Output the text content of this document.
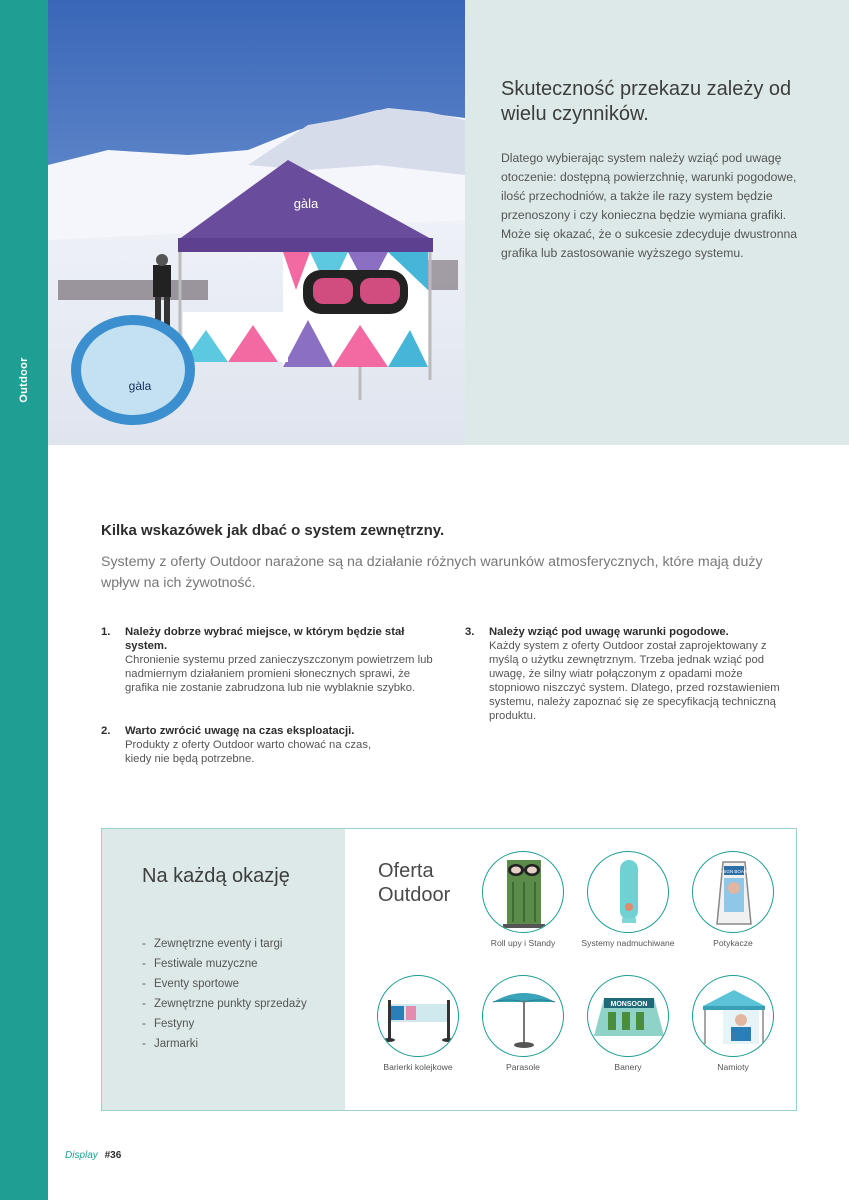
Outdoor
gàla
gàla
Skuteczność przekazu zależy od wielu czynników.

Dlatego wybierając system należy wziąć pod uwagę otoczenie: dostępną powierzchnię, warunki pogodowe, ilość przechodniów, a także ile razy system będzie przenoszony i czy konieczna będzie wymiana grafiki. Może się okazać, że o sukcesie zdecyduje dwustronna grafika lub zastosowanie wyższego systemu.

Kilka wskazówek jak dbać o system zewnętrzny.

Systemy z oferty Outdoor narażone są na działanie różnych warunków atmosferycznych, które mają duży wpływ na ich żywotność.

1. Należy dobrze wybrać miejsce, w którym będzie stał system.
Chronienie systemu przed zanieczyszczonym powietrzem lub nadmiernym działaniem promieni słonecznych sprawi, że grafika nie zostanie zabrudzona lub nie wyblaknie szybko.
2. Warto zwrócić uwagę na czas eksploatacji.
Produkty z oferty Outdoor warto chować na czas, kiedy nie będą potrzebne.
3. Należy wziąć pod uwagę warunki pogodowe.
Każdy system z oferty Outdoor został zaprojektowany z myślą o użytku zewnętrznym. Trzeba jednak wziąć pod uwagę, że silny wiatr połączonym z opadami może stopniowo niszczyć system. Dlatego, przed rozstawieniem systemu, należy zapoznać się ze specyfikacją techniczną produktu.
Na każdą okazję
- Zewnętrzne eventy i targi
- Festiwale muzyczne
- Eventy sportowe
- Zewnętrzne punkty sprzedaży
- Festyny
- Jarmarki
Oferta Outdoor
Roll upy i Standy	Systemy nadmuchiwane
A-SIGN BOARD
Potykacze
Barierki kolejkowe	Parasole
MONSOON
Banery	Namioty
Display #36
